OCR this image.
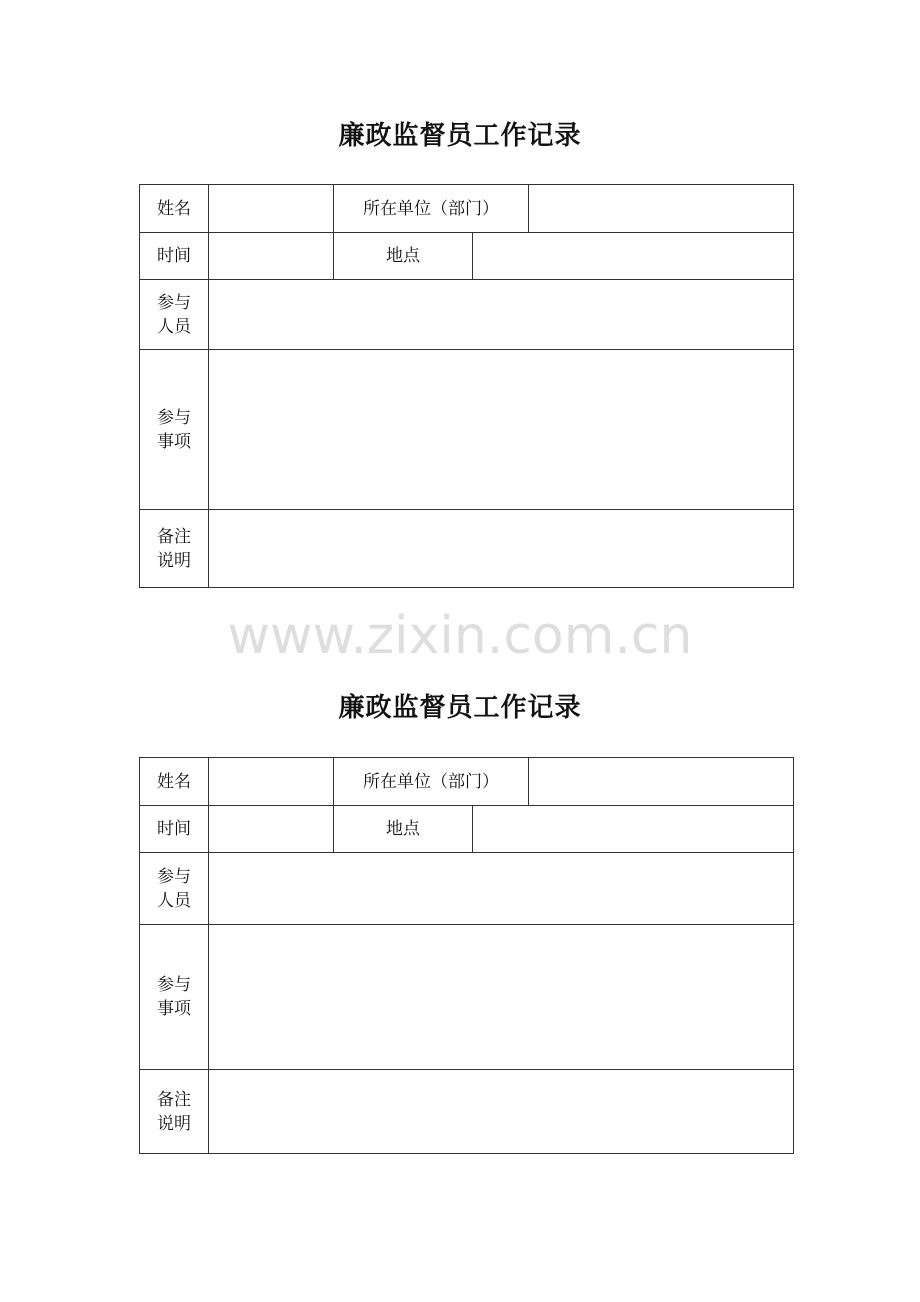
廉政监督员工作记录
姓名		所在单位（部门）		
时间		地点		

参与
人员				

参与
事项				

备注
说明				

www.zixin.com.cn
廉政监督员工作记录
姓名		所在单位（部门）		
时间		地点		

参与
人员				

参与
事项				

备注
说明				
